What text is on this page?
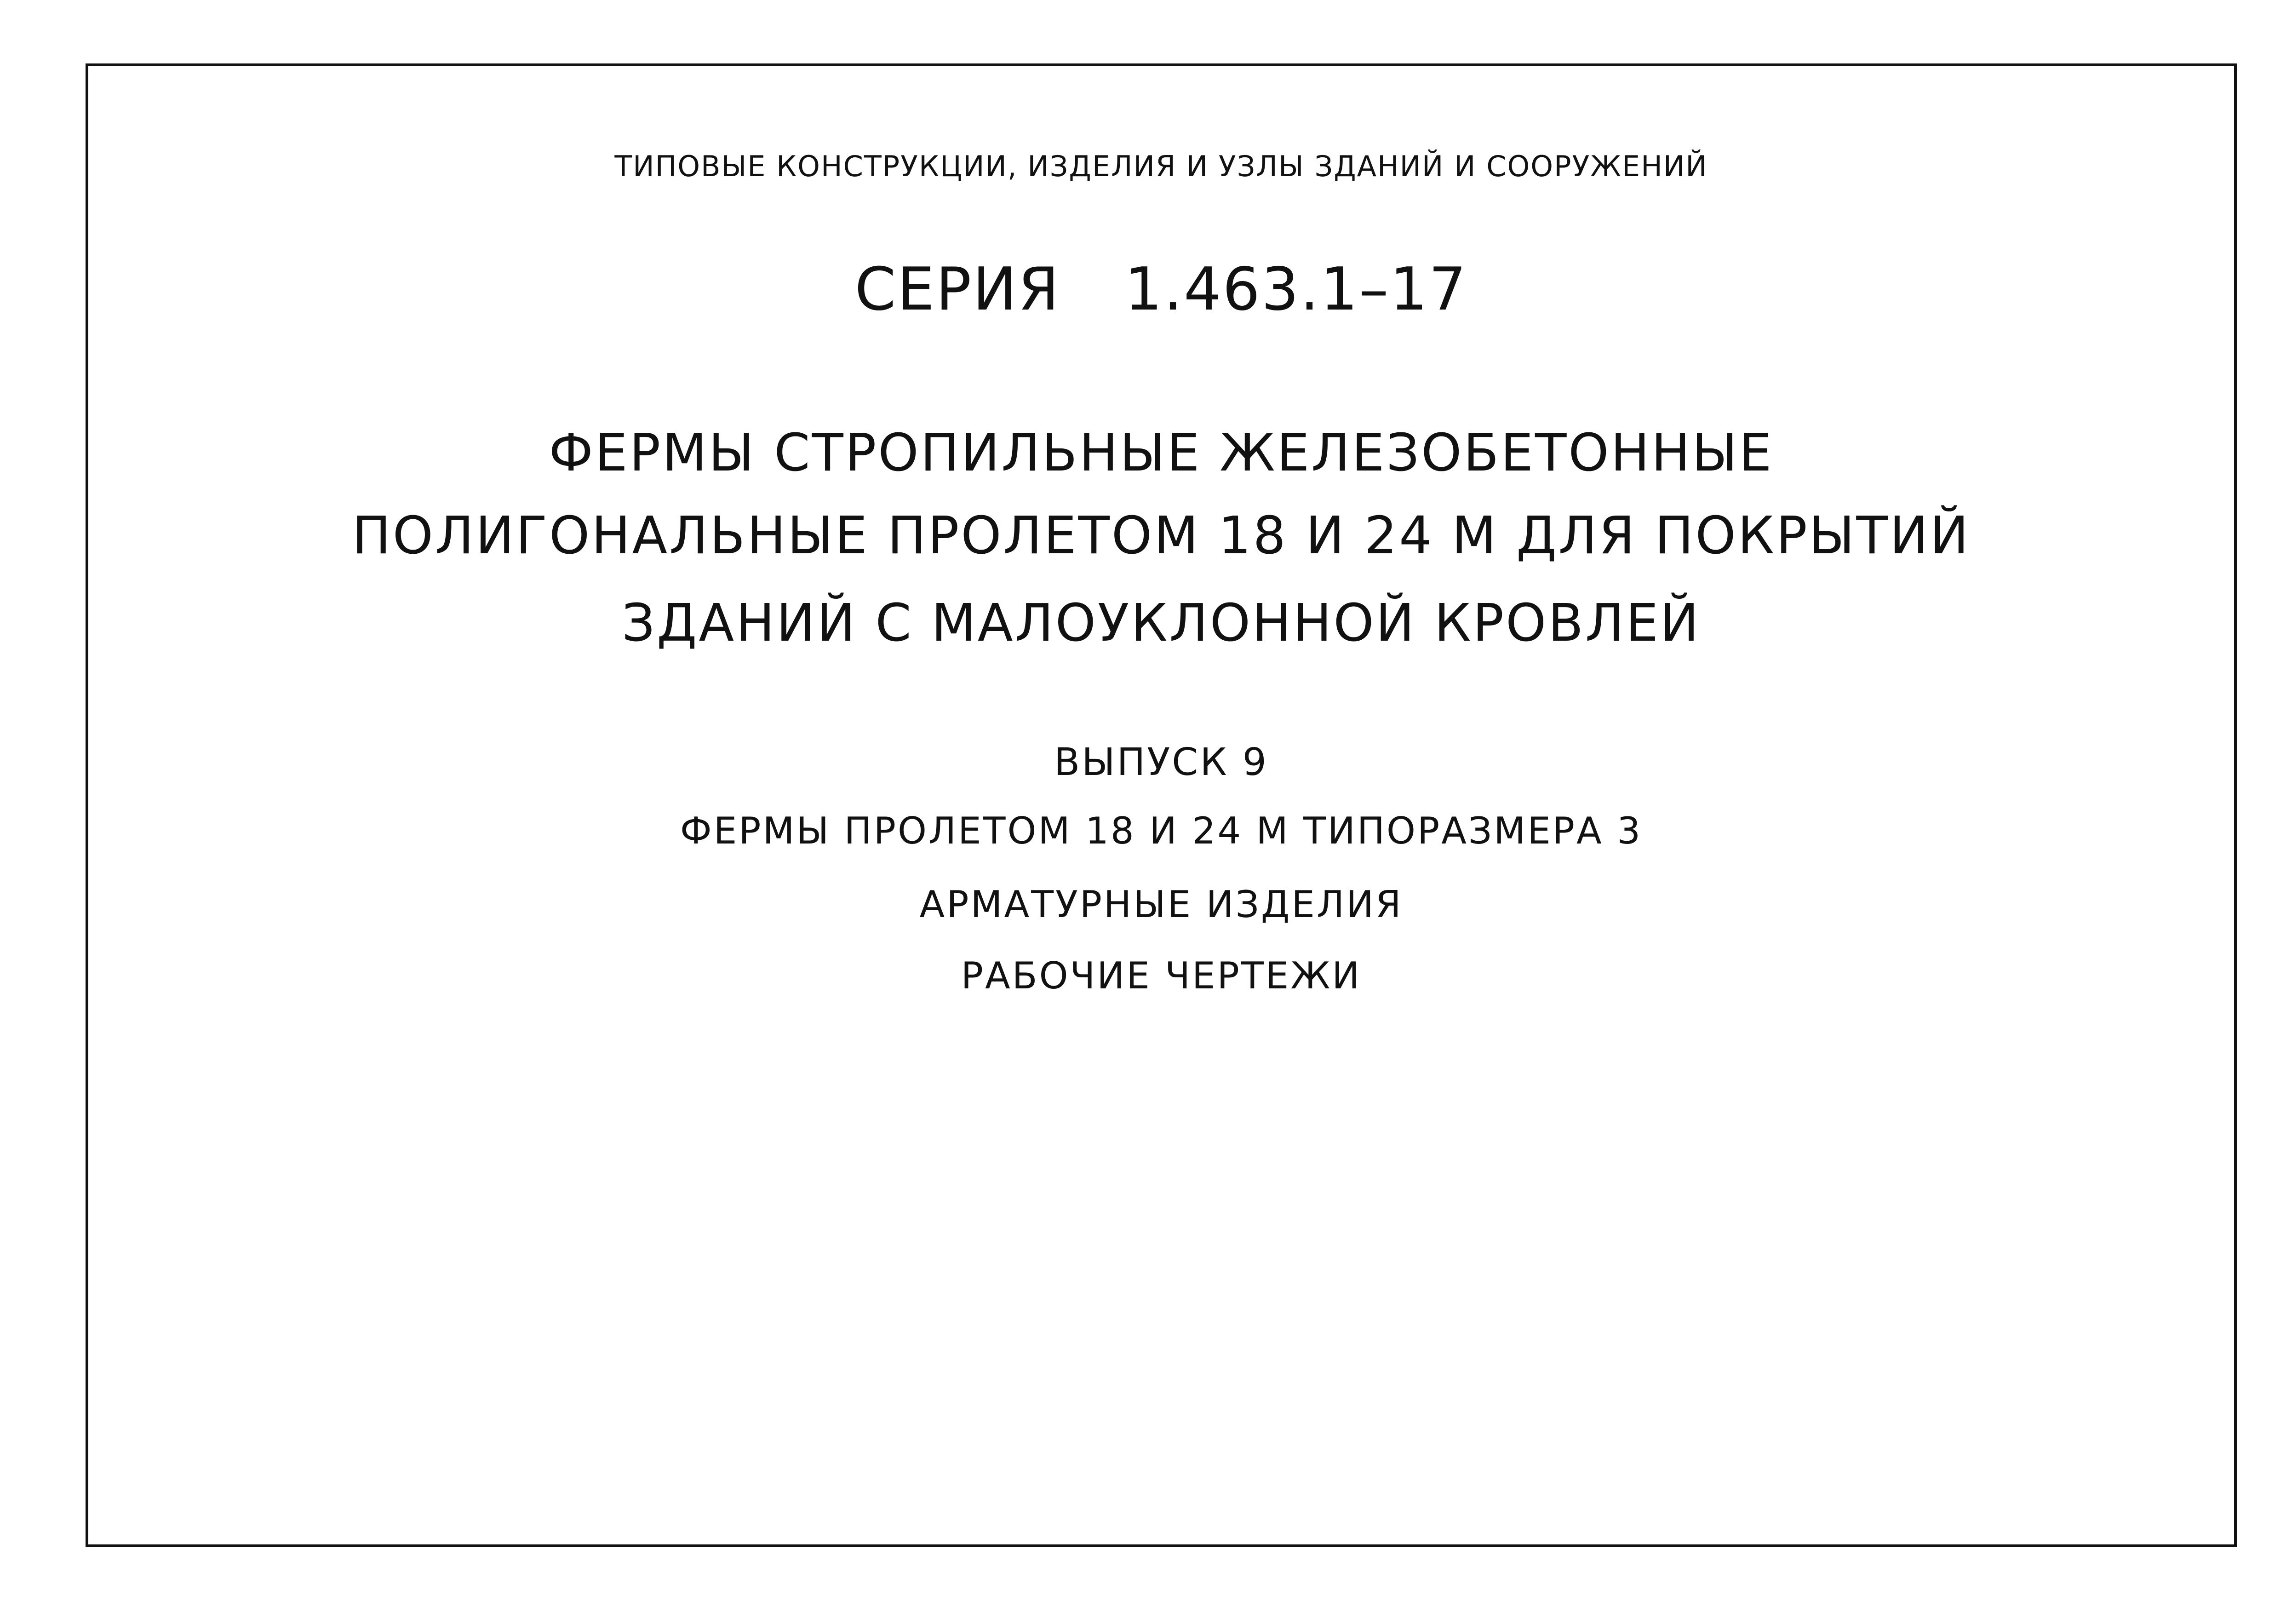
ТИПОВЫЕ КОНСТРУКЦИИ, ИЗДЕЛИЯ И УЗЛЫ ЗДАНИЙ И СООРУЖЕНИЙ
СЕРИЯ 1.463.1–17
ФЕРМЫ СТРОПИЛЬНЫЕ ЖЕЛЕЗОБЕТОННЫЕ
ПОЛИГОНАЛЬНЫЕ ПРОЛЕТОМ 18 И 24 М ДЛЯ ПОКРЫТИЙ
ЗДАНИЙ С МАЛОУКЛОННОЙ КРОВЛЕЙ
ВЫПУСК 9
ФЕРМЫ ПРОЛЕТОМ 18 И 24 М ТИПОРАЗМЕРА 3
АРМАТУРНЫЕ ИЗДЕЛИЯ
РАБОЧИЕ ЧЕРТЕЖИ
